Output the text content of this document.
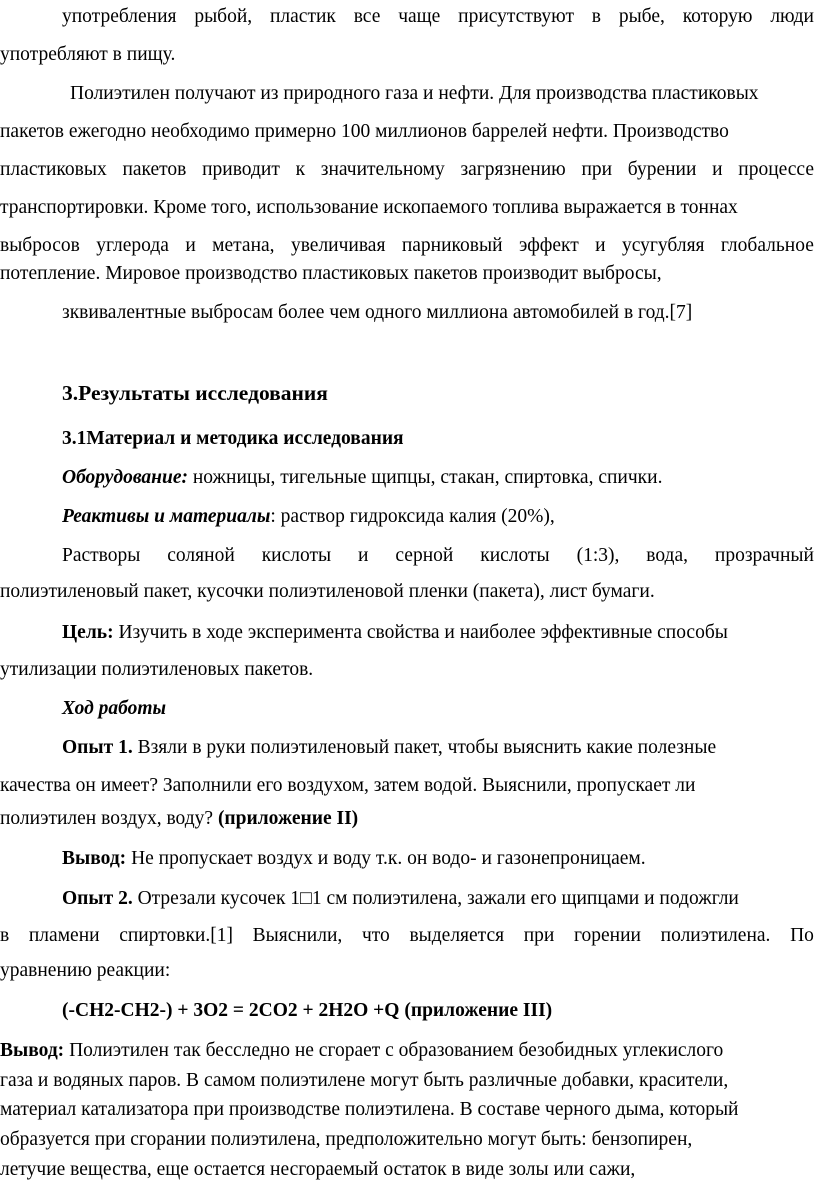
употребления рыбой, пластик все чаще присутствуют в рыбе, которую люди
употребляют в пищу.
Полиэтилен получают из природного газа и нефти. Для производства пластиковых
пакетов ежегодно необходимо примерно 100 миллионов баррелей нефти. Производство
пластиковых пакетов приводит к значительному загрязнению при бурении и процессе
транспортировки. Кроме того, использование ископаемого топлива выражается в тоннах
выбросов углерода и метана, увеличивая парниковый эффект и усугубляя глобальное
потепление. Мировое производство пластиковых пакетов производит выбросы,
зквивалентные выбросам более чем одного миллиона автомобилей в год.[7]
3.Результаты исследования
3.1Материал и методика исследования
Оборудование: ножницы, тигельные щипцы, стакан, спиртовка, спички.
Реактивы и материалы: раствор гидроксида калия (20%),
Растворы соляной кислоты и серной кислоты (1:3), вода, прозрачный
полиэтиленовый пакет, кусочки полиэтиленовой пленки (пакета), лист бумаги.
Цель: Изучить в ходе эксперимента свойства и наиболее эффективные способы
утилизации полиэтиленовых пакетов.
Ход работы
Опыт 1. Взяли в руки полиэтиленовый пакет, чтобы выяснить какие полезные
качества он имеет? Заполнили его воздухом, затем водой. Выяснили, пропускает ли
полиэтилен воздух, воду? (приложение II)
Вывод: Не пропускает воздух и воду т.к. он водо- и газонепроницаем.
Опыт 2. Отрезали кусочек 1□1 см полиэтилена, зажали его щипцами и подожгли
в пламени спиртовки.[1] Выяснили, что выделяется при горении полиэтилена. По
уравнению реакции:
(-CH2-CH2-) + 3O2 = 2CO2 + 2H2O +Q (приложение III)
Вывод: Полиэтилен так бесследно не сгорает с образованием безобидных углекислого
газа и водяных паров. В самом полиэтилене могут быть различные добавки, красители,
материал катализатора при производстве полиэтилена. В составе черного дыма, который
образуется при сгорании полиэтилена, предположительно могут быть: бензопирен,
летучие вещества, еще остается несгораемый остаток в виде золы или сажи,
